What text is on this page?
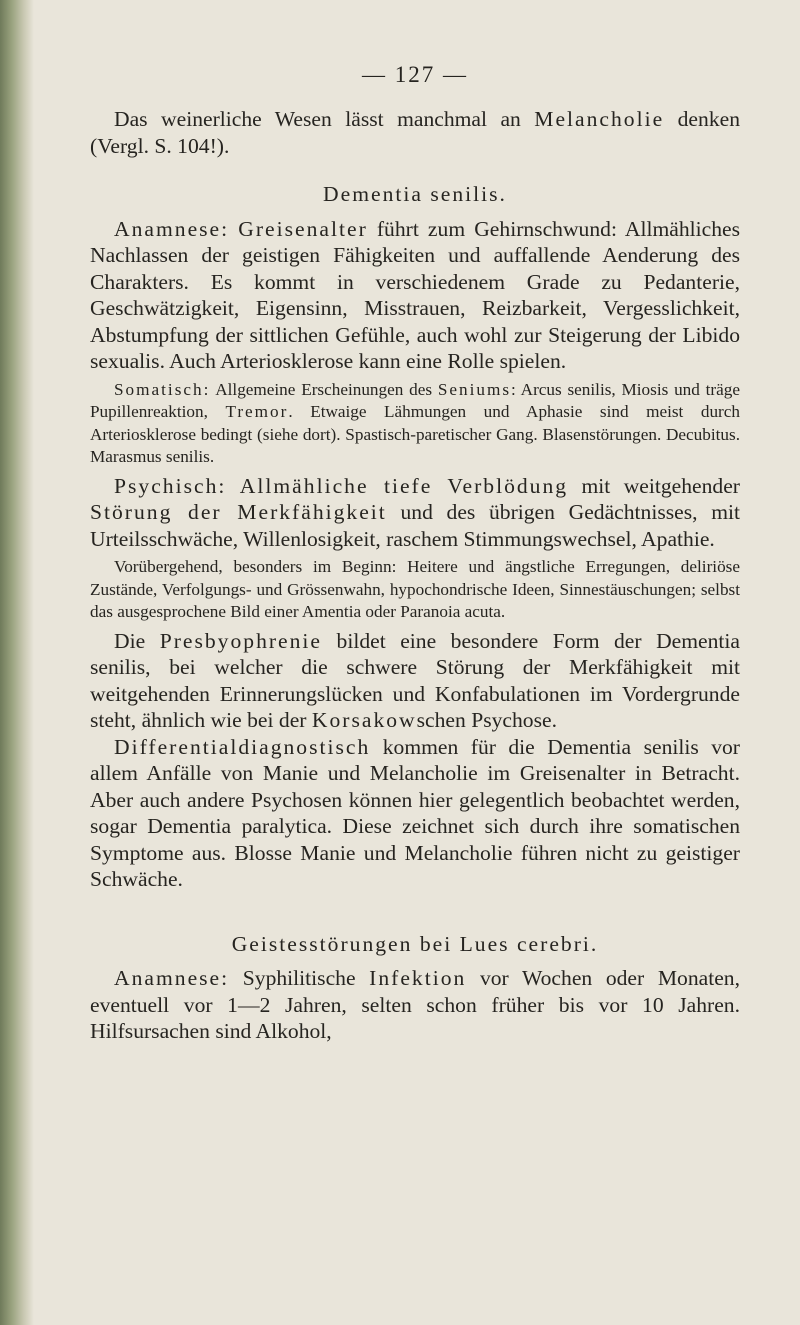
— 127 —

Das weinerliche Wesen lässt manchmal an Melancholie denken (Vergl. S. 104!).

Dementia senilis.

Anamnese: Greisenalter führt zum Gehirnschwund: Allmähliches Nachlassen der geistigen Fähigkeiten und auffallende Aenderung des Charakters. Es kommt in verschiedenem Grade zu Pedanterie, Geschwätzigkeit, Eigensinn, Misstrauen, Reizbarkeit, Vergesslichkeit, Abstumpfung der sittlichen Gefühle, auch wohl zur Steigerung der Libido sexualis. Auch Arteriosklerose kann eine Rolle spielen.

Somatisch: Allgemeine Erscheinungen des Seniums: Arcus senilis, Miosis und träge Pupillenreaktion, Tremor. Etwaige Lähmungen und Aphasie sind meist durch Arteriosklerose bedingt (siehe dort). Spastisch-paretischer Gang. Blasenstörungen. Decubitus. Marasmus senilis.

Psychisch: Allmähliche tiefe Verblödung mit weitgehender Störung der Merkfähigkeit und des übrigen Gedächtnisses, mit Urteilsschwäche, Willenlosigkeit, raschem Stimmungswechsel, Apathie.

Vorübergehend, besonders im Beginn: Heitere und ängstliche Erregungen, deliriöse Zustände, Verfolgungs- und Grössenwahn, hypochondrische Ideen, Sinnestäuschungen; selbst das ausgesprochene Bild einer Amentia oder Paranoia acuta.

Die Presbyophrenie bildet eine besondere Form der Dementia senilis, bei welcher die schwere Störung der Merkfähigkeit mit weitgehenden Erinnerungslücken und Konfabulationen im Vordergrunde steht, ähnlich wie bei der Korsakowschen Psychose.

Differentialdiagnostisch kommen für die Dementia senilis vor allem Anfälle von Manie und Melancholie im Greisenalter in Betracht. Aber auch andere Psychosen können hier gelegentlich beobachtet werden, sogar Dementia paralytica. Diese zeichnet sich durch ihre somatischen Symptome aus. Blosse Manie und Melancholie führen nicht zu geistiger Schwäche.

Geistesstörungen bei Lues cerebri.

Anamnese: Syphilitische Infektion vor Wochen oder Monaten, eventuell vor 1—2 Jahren, selten schon früher bis vor 10 Jahren. Hilfsursachen sind Alkohol,
